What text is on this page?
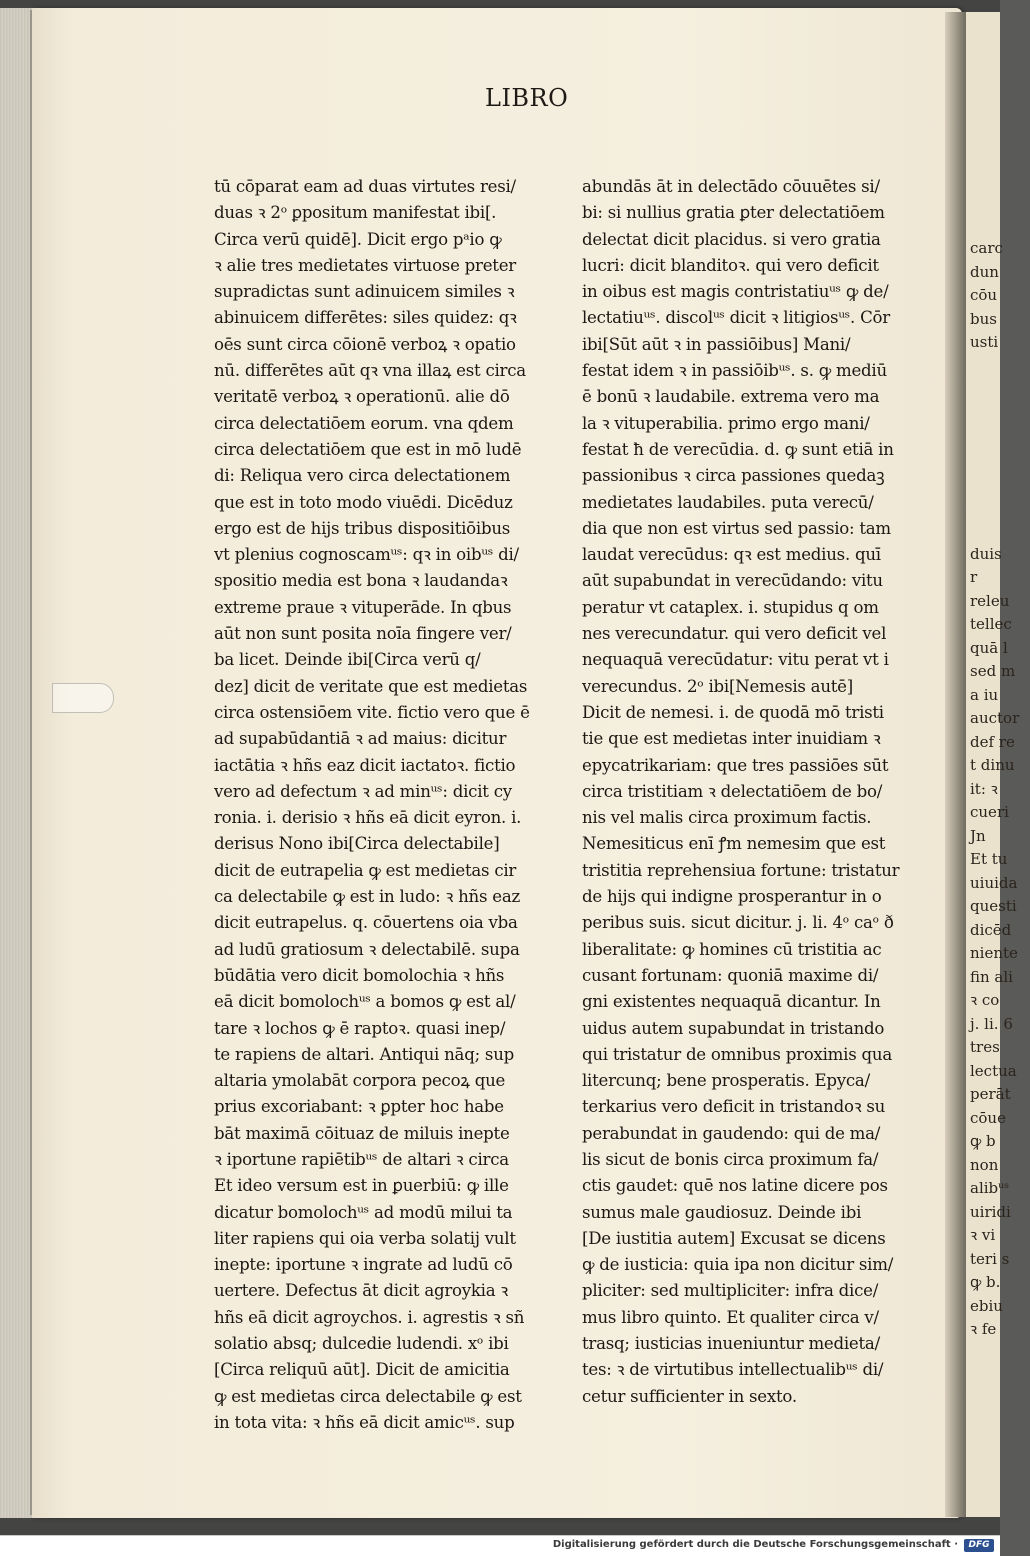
carc
dun
cōu
bus
usti

duis
r
releu
tellec
quā l
sed m
a iu
auctor
def re
t dinu
it: ꝛ
cueri
Jn
Et tu
uiuida
questi
dicēd
niente
fin ali
ꝛ co
j. li. 6
tres
lectua
perāt
cōue
ꝙ b
non
alibᵘˢ
uiridi
ꝛ vi
teri s
ꝙ b.
ebiu
ꝛ fe

LIBRO

tū cōparat eam ad duas virtutes resi/
duas ꝛ 2ᵒ ꝑpositum manifestat ibi[.
Circa verū quidē]. Dicit ergo pᵃio ꝙ
ꝛ alie tres medietates virtuose preter
supradictas sunt adinuicem similes ꝛ
abinuicem differētes: siles quidez: qꝛ
oēs sunt circa cōionē verboꝝ ꝛ opatio
nū. differētes aūt qꝛ vna illaꝝ est circa
veritatē verboꝝ ꝛ operationū. alie dō
circa delectatiōem eorum. vna qdem
circa delectatiōem que est in mō ludē
di: Reliqua vero circa delectationem
que est in toto modo viuēdi. Dicēduz
ergo est de hijs tribus dispositiōibus
vt plenius cognoscamᵘˢ: qꝛ in oibᵘˢ di/
spositio media est bona ꝛ laudandaꝛ
extreme praue ꝛ vituperāde. In qbus
aūt non sunt posita noīa fingere ver/
ba licet. Deinde ibi[Circa verū q/
dez] dicit de veritate que est medietas
circa ostensiōem vite. fictio vero que ē
ad supabūdantiā ꝛ ad maius: dicitur
iactātia ꝛ hñs eaz dicit iactatoꝛ. fictio
vero ad defectum ꝛ ad minᵘˢ: dicit cy
ronia. i. derisio ꝛ hñs eā dicit eyron. i.
derisus Nono ibi[Circa delectabile]
dicit de eutrapelia ꝙ est medietas cir
ca delectabile ꝙ est in ludo: ꝛ hñs eaz
dicit eutrapelus. q. cōuertens oia vba
ad ludū gratiosum ꝛ delectabilē. supa
būdātia vero dicit bomolochia ꝛ hñs
eā dicit bomolochᵘˢ a bomos ꝙ est al/
tare ꝛ lochos ꝙ ē raptoꝛ. quasi inep/
te rapiens de altari. Antiqui nāq; sup
altaria ymolabāt corpora pecoꝝ que
prius excoriabant: ꝛ ꝑpter hoc habe
bāt maximā cōituaz de miluis inepte
ꝛ iportune rapiētibᵘˢ de altari ꝛ circa
Et ideo versum est in ꝑuerbiū: ꝙ ille
dicatur bomolochᵘˢ ad modū milui ta
liter rapiens qui oia verba solatij vult
inepte: iportune ꝛ ingrate ad ludū cō
uertere. Defectus āt dicit agroykia ꝛ
hñs eā dicit agroychos. i. agrestis ꝛ sñ
solatio absq; dulcedie ludendi. xᵒ ibi
[Circa reliquū aūt]. Dicit de amicitia
ꝙ est medietas circa delectabile ꝙ est
in tota vita: ꝛ hñs eā dicit amicᵘˢ. sup
abundās āt in delectādo cōuuētes si/
bi: si nullius gratia ꝑter delectatiōem
delectat dicit placidus. si vero gratia
lucri: dicit blanditoꝛ. qui vero deficit
in oibus est magis contristatiuᵘˢ ꝙ de/
lectatiuᵘˢ. discolᵘˢ dicit ꝛ litigiosᵘˢ. Cōr
ibi[Sūt aūt ꝛ in passiōibus] Mani/
festat idem ꝛ in passiōibᵘˢ. s. ꝙ mediū
ē bonū ꝛ laudabile. extrema vero ma
la ꝛ vituperabilia. primo ergo mani/
festat ħ de verecūdia. d. ꝙ sunt etiā in
passionibus ꝛ circa passiones quedaꝫ
medietates laudabiles. puta verecū/
dia que non est virtus sed passio: tam
laudat verecūdus: qꝛ est medius. quī
aūt supabundat in verecūdando: vitu
peratur vt cataplex. i. stupidus q om
nes verecundatur. qui vero deficit vel
nequaquā verecūdatur: vitu perat vt i
verecundus. 2ᵒ ibi[Nemesis autē]
Dicit de nemesi. i. de quodā mō tristi
tie que est medietas inter inuidiam ꝛ
epycatrikariam: que tres passiōes sūt
circa tristitiam ꝛ delectatiōem de bo/
nis vel malis circa proximum factis.
Nemesiticus enī ꝭm nemesim que est
tristitia reprehensiua fortune: tristatur
de hijs qui indigne prosperantur in o
peribus suis. sicut dicitur. j. li. 4ᵒ caᵒ ð
liberalitate: ꝙ homines cū tristitia ac
cusant fortunam: quoniā maxime di/
gni existentes nequaquā dicantur. In
uidus autem supabundat in tristando
qui tristatur de omnibus proximis qua
litercunq; bene prosperatis. Epyca/
terkarius vero deficit in tristandoꝛ su
perabundat in gaudendo: qui de ma/
lis sicut de bonis circa proximum fa/
ctis gaudet: quē nos latine dicere pos
sumus male gaudiosuz. Deinde ibi
[De iustitia autem] Excusat se dicens
ꝙ de iusticia: quia ipa non dicitur sim/
pliciter: sed multipliciter: infra dice/
mus libro quinto. Et qualiter circa v/
trasq; iusticias inueniuntur medieta/
tes: ꝛ de virtutibus intellectualibᵘˢ di/
cetur sufficienter in sexto.

Digitalisierung gefördert durch die Deutsche Forschungsgemeinschaft ·	DFG
